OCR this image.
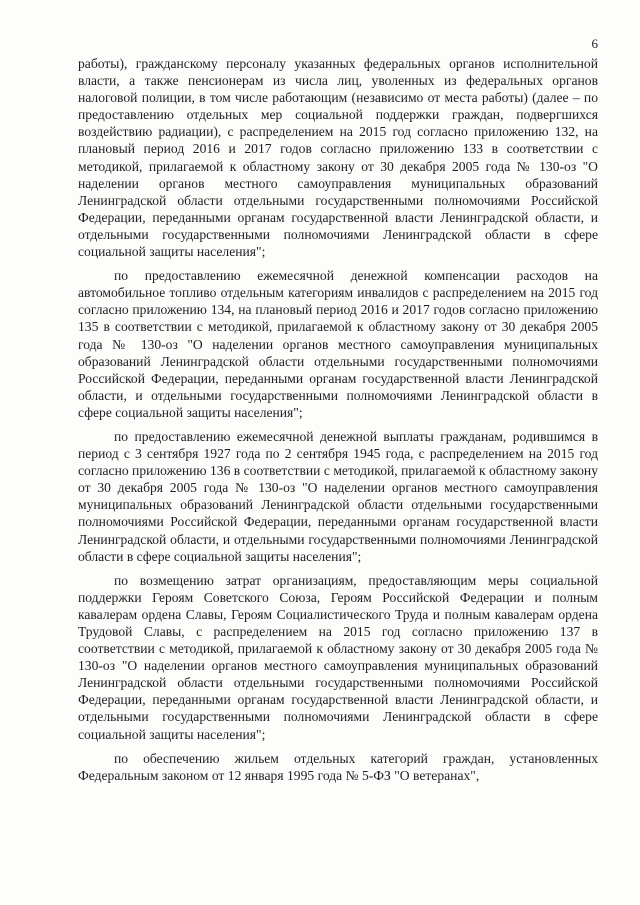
6

работы), гражданскому персоналу указанных федеральных органов исполнительной власти, а также пенсионерам из числа лиц, уволенных из федеральных органов налоговой полиции, в том числе работающим (независимо от места работы) (далее – по предоставлению отдельных мер социальной поддержки граждан, подвергшихся воздействию радиации), с распределением на 2015 год согласно приложению 132, на плановый период 2016 и 2017 годов согласно приложению 133 в соответствии с методикой, прилагаемой к областному закону от 30 декабря 2005 года № 130-оз "О наделении органов местного самоуправления муниципальных образований Ленинградской области отдельными государственными полномочиями Российской Федерации, переданными органам государственной власти Ленинградской области, и отдельными государственными полномочиями Ленинградской области в сфере социальной защиты населения";

по предоставлению ежемесячной денежной компенсации расходов на автомобильное топливо отдельным категориям инвалидов с распределением на 2015 год согласно приложению 134, на плановый период 2016 и 2017 годов согласно приложению 135 в соответствии с методикой, прилагаемой к областному закону от 30 декабря 2005 года № 130-оз "О наделении органов местного самоуправления муниципальных образований Ленинградской области отдельными государственными полномочиями Российской Федерации, переданными органам государственной власти Ленинградской области, и отдельными государственными полномочиями Ленинградской области в сфере социальной защиты населения";

по предоставлению ежемесячной денежной выплаты гражданам, родившимся в период с 3 сентября 1927 года по 2 сентября 1945 года, с распределением на 2015 год согласно приложению 136 в соответствии с методикой, прилагаемой к областному закону от 30 декабря 2005 года № 130-оз "О наделении органов местного самоуправления муниципальных образований Ленинградской области отдельными государственными полномочиями Российской Федерации, переданными органам государственной власти Ленинградской области, и отдельными государственными полномочиями Ленинградской области в сфере социальной защиты населения";

по возмещению затрат организациям, предоставляющим меры социальной поддержки Героям Советского Союза, Героям Российской Федерации и полным кавалерам ордена Славы, Героям Социалистического Труда и полным кавалерам ордена Трудовой Славы, с распределением на 2015 год согласно приложению 137 в соответствии с методикой, прилагаемой к областному закону от 30 декабря 2005 года № 130-оз "О наделении органов местного самоуправления муниципальных образований Ленинградской области отдельными государственными полномочиями Российской Федерации, переданными органам государственной власти Ленинградской области, и отдельными государственными полномочиями Ленинградской области в сфере социальной защиты населения";

по обеспечению жильем отдельных категорий граждан, установленных Федеральным законом от 12 января 1995 года № 5-ФЗ "О ветеранах",
